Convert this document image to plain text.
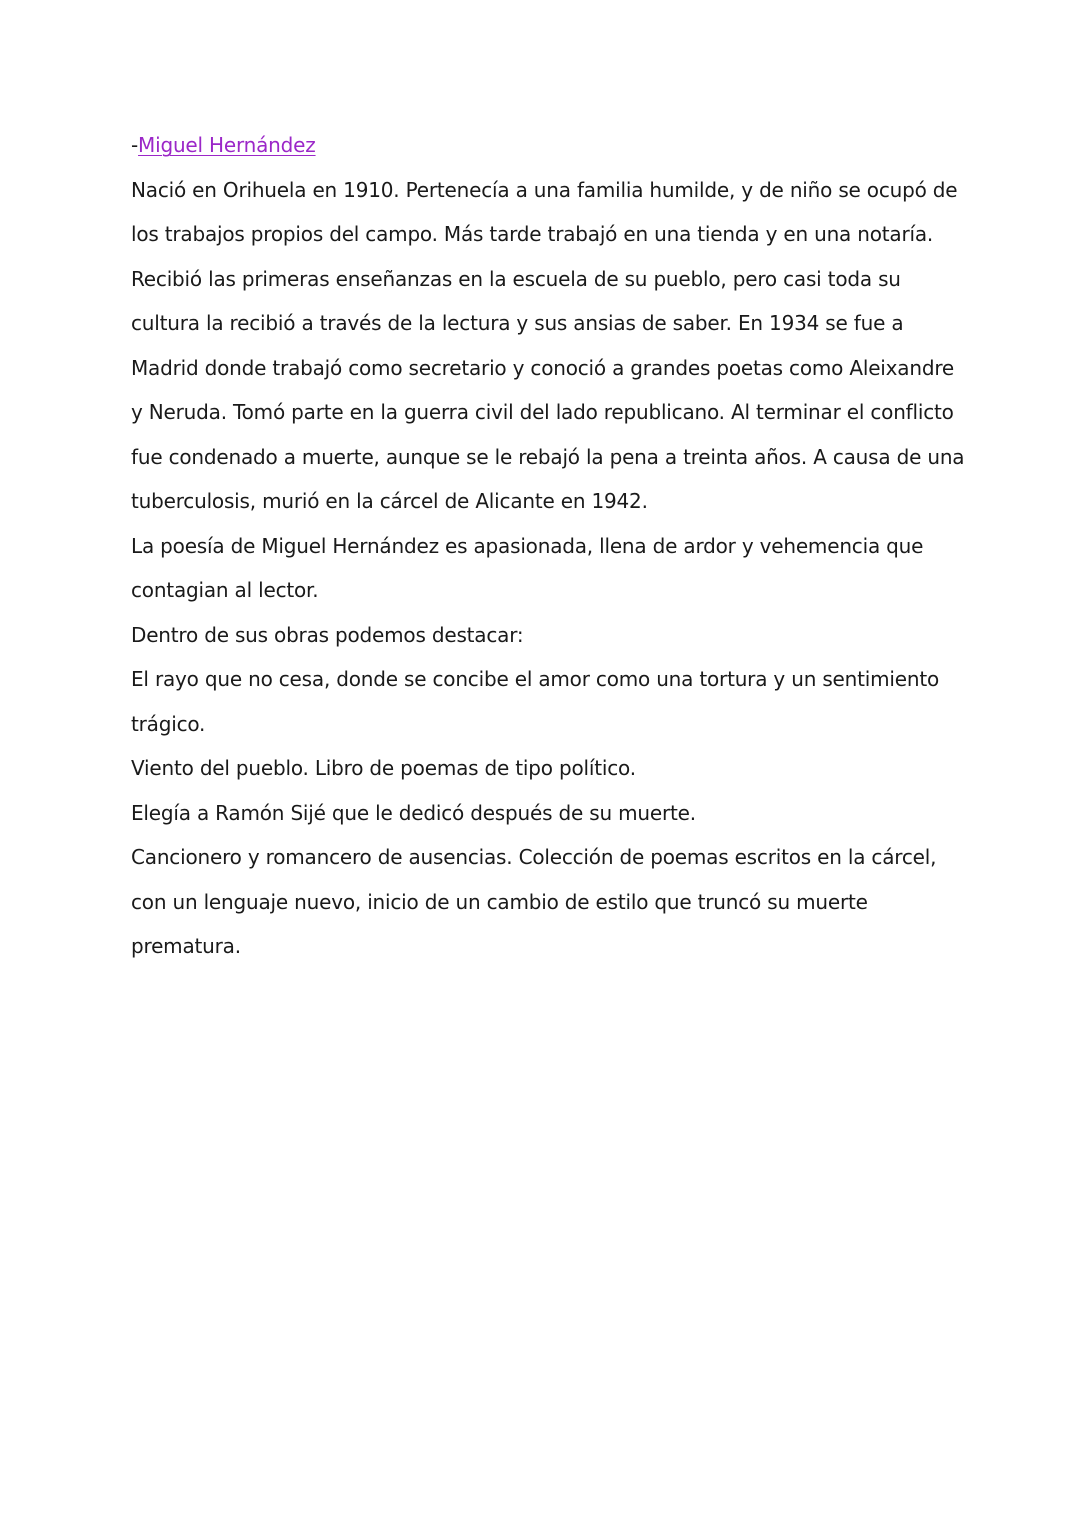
-Miguel Hernández
Nació en Orihuela en 1910. Pertenecía a una familia humilde, y de niño se ocupó de
los trabajos propios del campo. Más tarde trabajó en una tienda y en una notaría.
Recibió las primeras enseñanzas en la escuela de su pueblo, pero casi toda su
cultura la recibió a través de la lectura y sus ansias de saber. En 1934 se fue a
Madrid donde trabajó como secretario y conoció a grandes poetas como Aleixandre
y Neruda. Tomó parte en la guerra civil del lado republicano. Al terminar el conflicto
fue condenado a muerte, aunque se le rebajó la pena a treinta años. A causa de una
tuberculosis, murió en la cárcel de Alicante en 1942.
La poesía de Miguel Hernández es apasionada, llena de ardor y vehemencia que
contagian al lector.
Dentro de sus obras podemos destacar:
El rayo que no cesa, donde se concibe el amor como una tortura y un sentimiento
trágico.
Viento del pueblo. Libro de poemas de tipo político.
Elegía a Ramón Sijé que le dedicó después de su muerte.
Cancionero y romancero de ausencias. Colección de poemas escritos en la cárcel,
con un lenguaje nuevo, inicio de un cambio de estilo que truncó su muerte
prematura.
